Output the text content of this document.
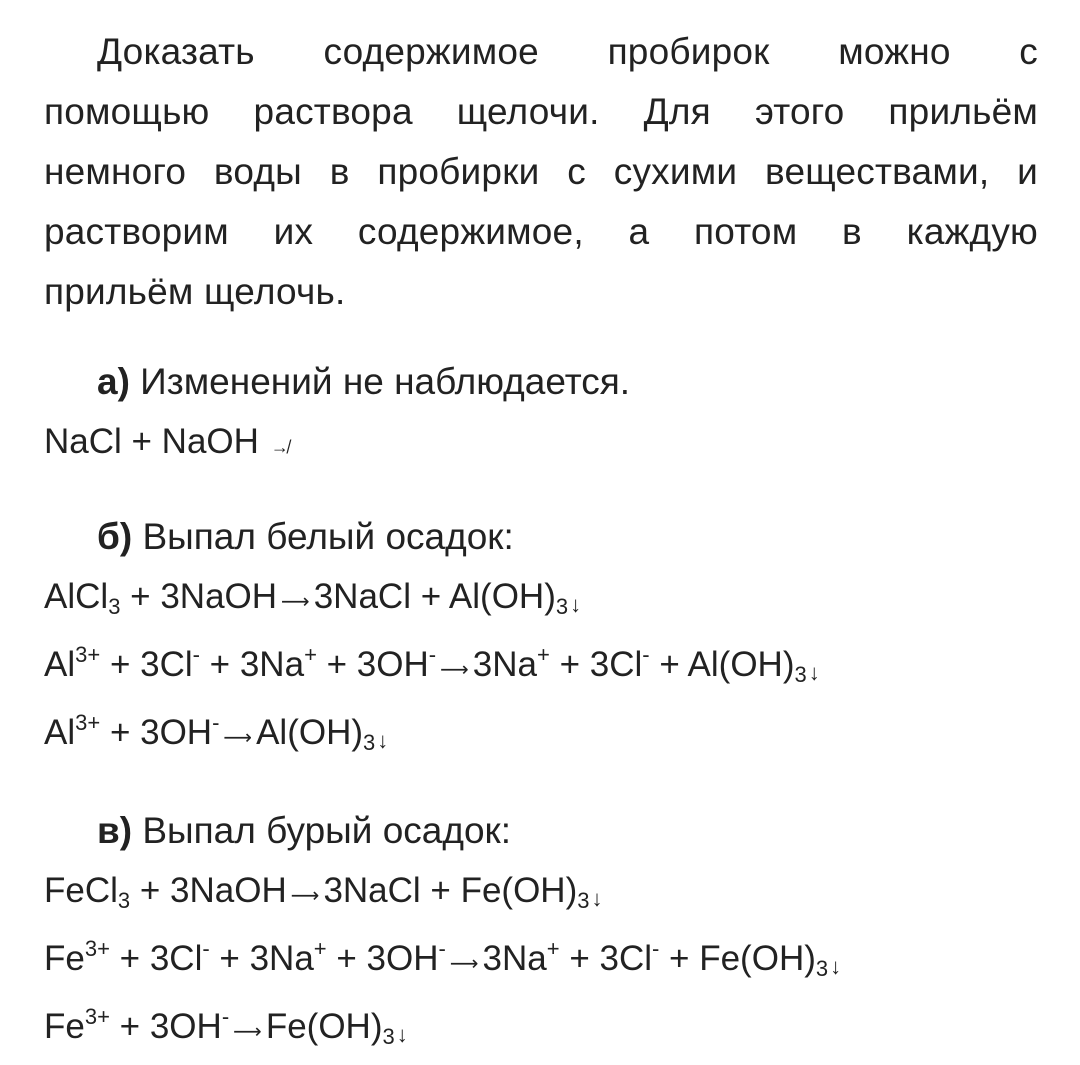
Доказать содержимое пробирок можно с

помощью раствора щелочи. Для этого прильём

немного воды в пробирки с сухими веществами, и

растворим их содержимое, а потом в каждую

прильём щелочь.

а) Изменений не наблюдается.

NaCl + NaOH ↛

б) Выпал белый осадок:

AlCl$_3$ + 3NaOH ⟶ 3NaCl + $Al(OH)_3↓$

$Al^{3+} + 3Cl^- + 3Na^+$ + 3OH-⟶ $3Na^+ + 3Cl^- + Al(OH)_3↓$

$Al^{3+}$ + 3OH-⟶ $Al(OH)_3↓$

в) Выпал бурый осадок:

FeCl$_3$ + 3NaOH ⟶ 3NaCl + $Fe(OH)_3↓$

$Fe^{3+} + 3Cl^- + 3Na^+$ + 3OH-⟶ $3Na^+ + 3Cl^- + Fe(OH)_3↓$

$Fe^{3+}$ + 3OH-⟶ $Fe(OH)_3↓$
